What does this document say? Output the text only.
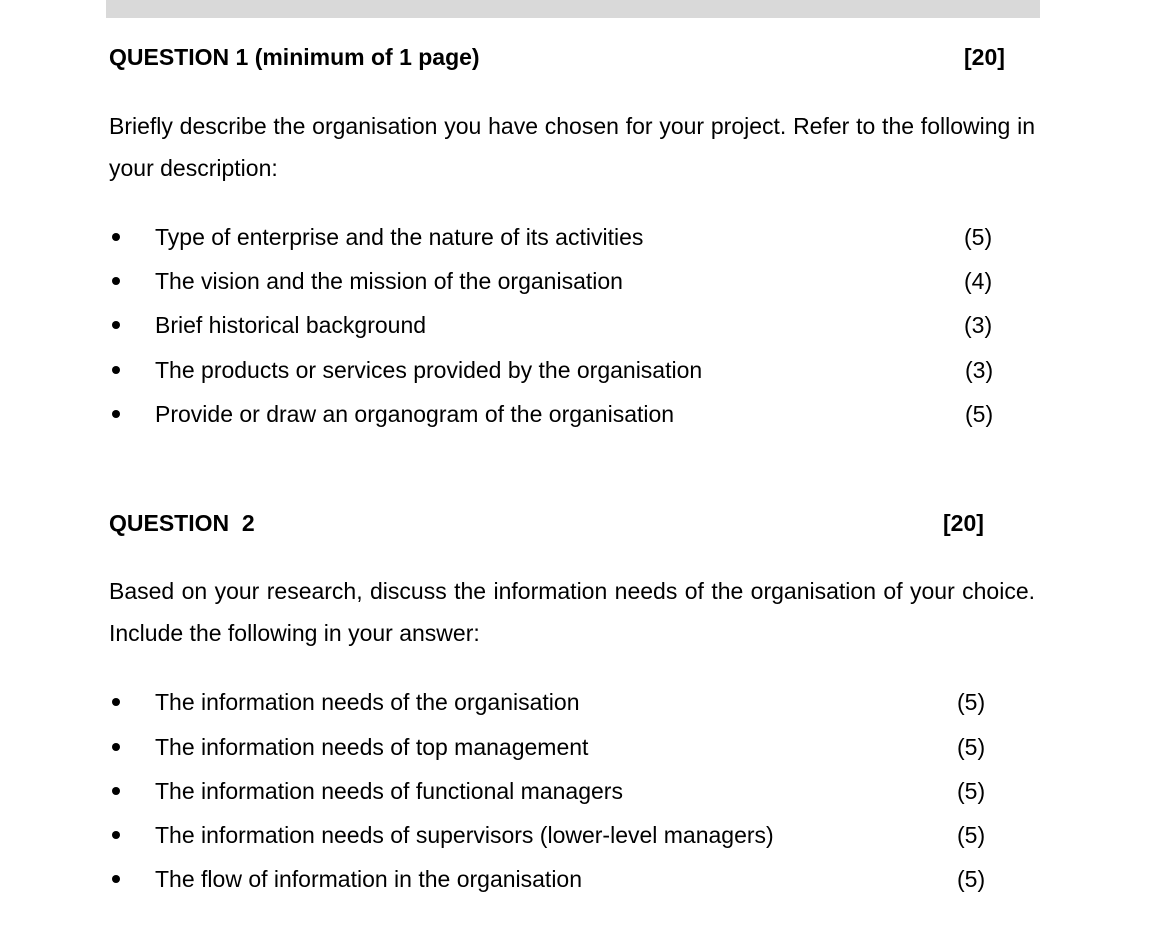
QUESTION 1 (minimum of 1 page)	[20]

Briefly describe the organisation you have chosen for your project. Refer to the following in your description:

Type of enterprise and the nature of its activities	(5)
The vision and the mission of the organisation	(4)
Brief historical background	(3)
The products or services provided by the organisation	(3)
Provide or draw an organogram of the organisation	(5)
QUESTION  2	[20]

Based on your research, discuss the information needs of the organisation of your choice. Include the following in your answer:

The information needs of the organisation	(5)
The information needs of top management	(5)
The information needs of functional managers	(5)
The information needs of supervisors (lower-level managers)	(5)
The flow of information in the organisation	(5)
